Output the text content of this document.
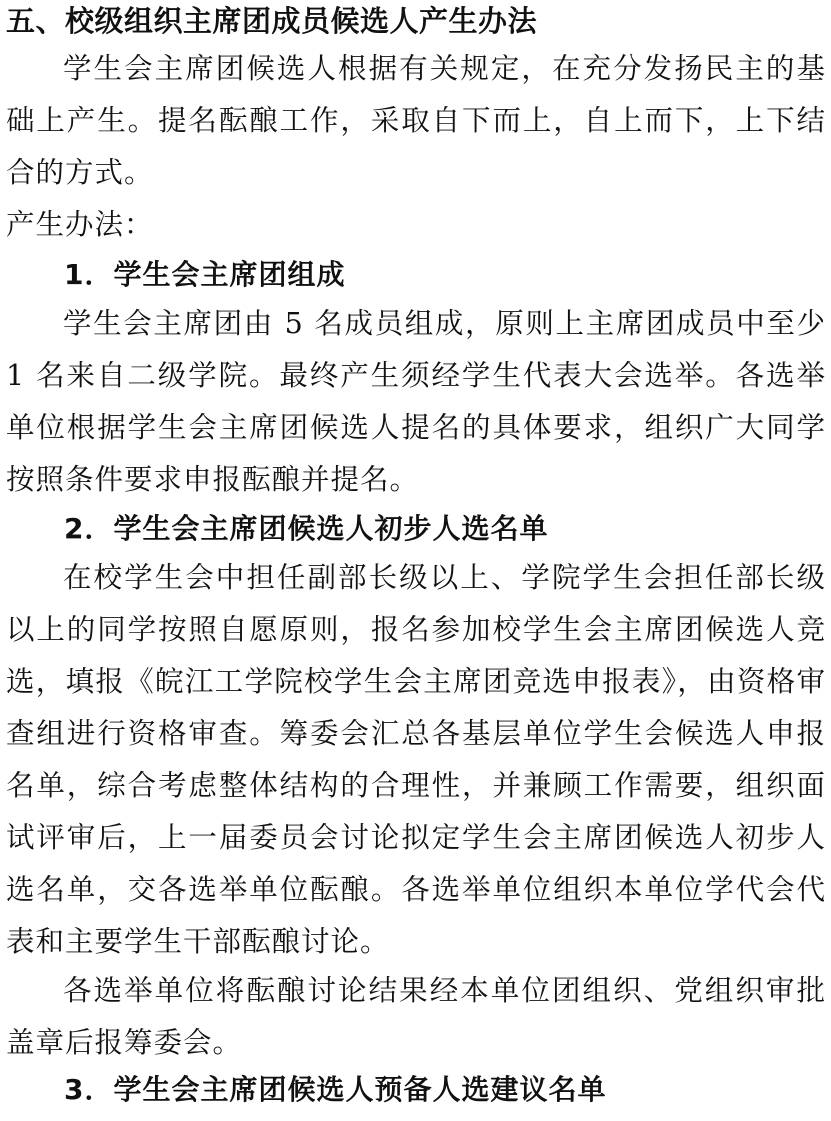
五、校级组织主席团成员候选人产生办法

学生会主席团候选人根据有关规定，在充分发扬民主的基础上产生。提名酝酿工作，采取自下而上，自上而下，上下结合的方式。

产生办法：

1．学生会主席团组成

学生会主席团由 5 名成员组成，原则上主席团成员中至少 1 名来自二级学院。最终产生须经学生代表大会选举。各选举单位根据学生会主席团候选人提名的具体要求，组织广大同学按照条件要求申报酝酿并提名。

2．学生会主席团候选人初步人选名单

在校学生会中担任副部长级以上、学院学生会担任部长级以上的同学按照自愿原则，报名参加校学生会主席团候选人竞选，填报《皖江工学院校学生会主席团竞选申报表》，由资格审查组进行资格审查。筹委会汇总各基层单位学生会候选人申报名单，综合考虑整体结构的合理性，并兼顾工作需要，组织面试评审后，上一届委员会讨论拟定学生会主席团候选人初步人选名单，交各选举单位酝酿。各选举单位组织本单位学代会代表和主要学生干部酝酿讨论。

各选举单位将酝酿讨论结果经本单位团组织、党组织审批盖章后报筹委会。

3．学生会主席团候选人预备人选建议名单
